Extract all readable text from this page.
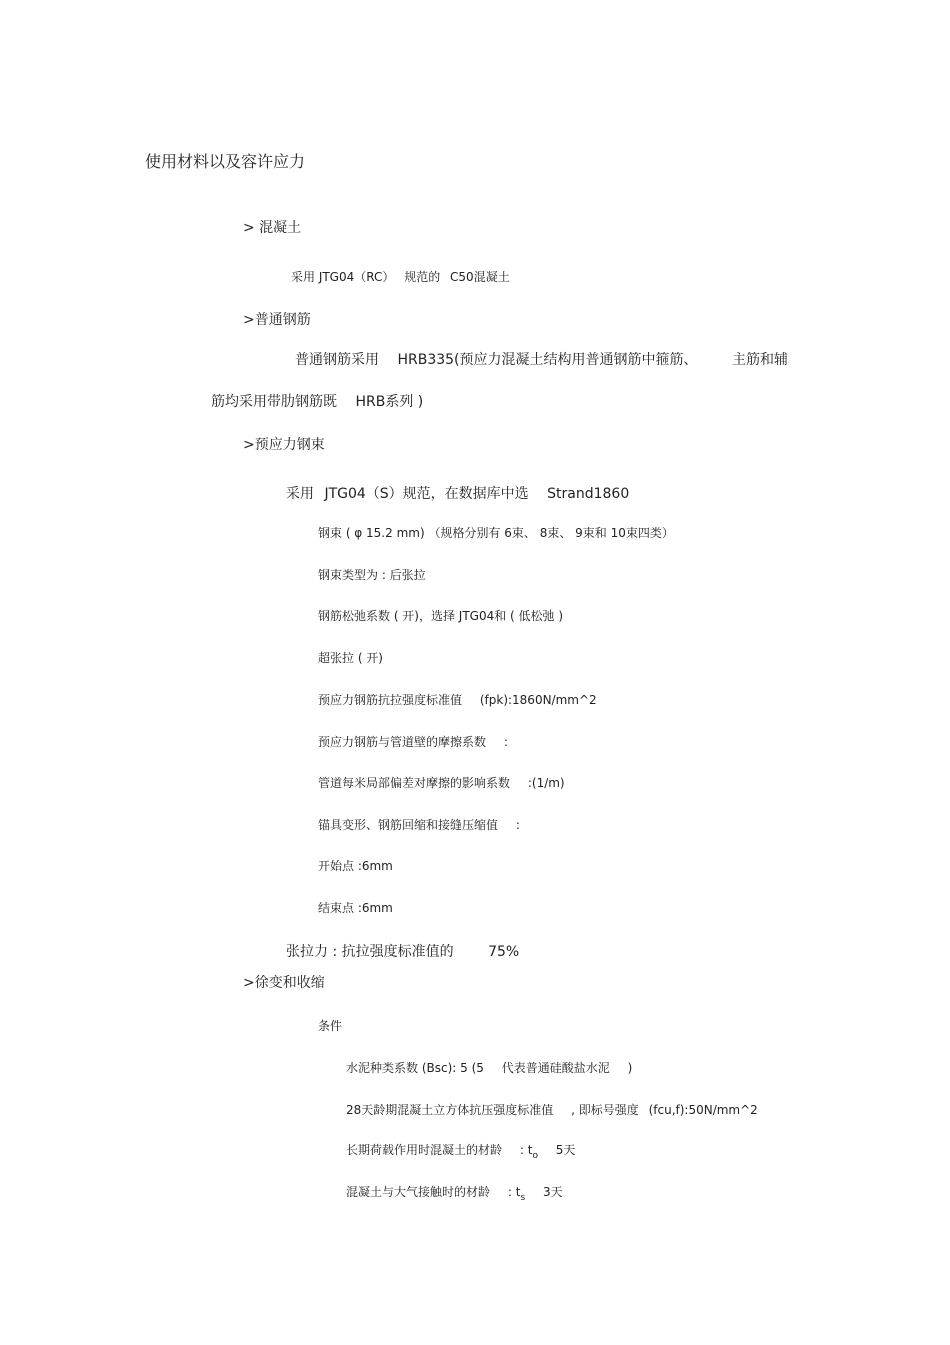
使用材料以及容许应力
> 混凝土
采用 JTG04（RC） 规范的 C50混凝土
>普通钢筋
普通钢筋采用 HRB335(预应力混凝土结构用普通钢筋中箍筋、 主筋和辅
筋均采用带肋钢筋既 HRB系列 )
>预应力钢束
采用 JTG04（S）规范，在数据库中选 Strand1860
钢束 ( φ 15.2 mm) （规格分别有 6束、 8束、 9束和 10束四类）
钢束类型为 : 后张拉
钢筋松弛系数 ( 开)，选择 JTG04和 ( 低松弛 )
超张拉 ( 开)
预应力钢筋抗拉强度标准值 (fpk):1860N/mm^2
预应力钢筋与管道壁的摩擦系数 :
管道每米局部偏差对摩擦的影响系数 :(1/m)
锚具变形、钢筋回缩和接缝压缩值 :
开始点 :6mm
结束点 :6mm
张拉力 : 抗拉强度标准值的 75%
>徐变和收缩
条件
水泥种类系数 (Bsc): 5 (5 代表普通硅酸盐水泥 )
28天龄期混凝土立方体抗压强度标准值 , 即标号强度 (fcu,f):50N/mm^2
长期荷载作用时混凝土的材龄 : $t_o$ 5天
混凝土与大气接触时的材龄 : $t_s$ 3天
